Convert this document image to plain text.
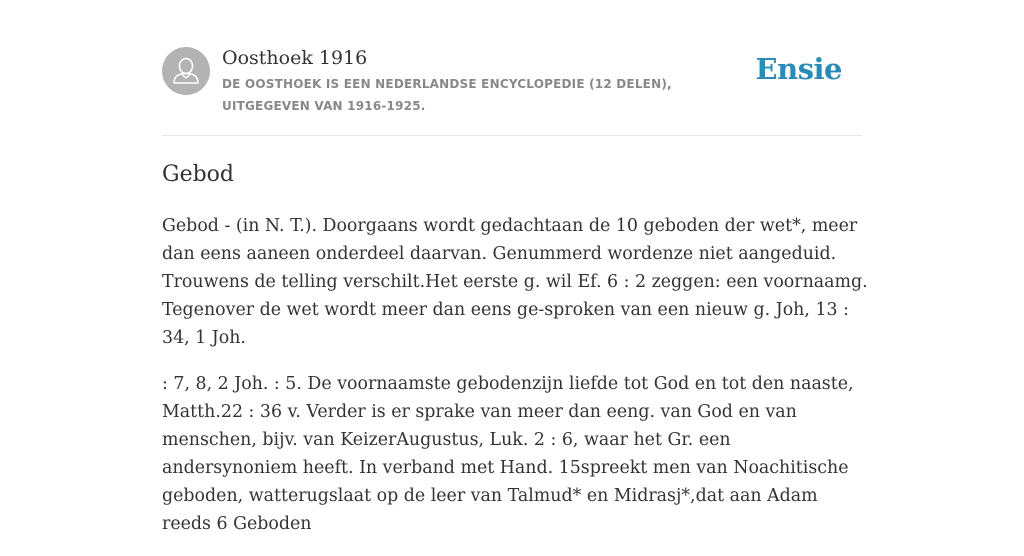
Oosthoek 1916
DE OOSTHOEK IS EEN NEDERLANDSE ENCYCLOPEDIE (12 DELEN), UITGEGEVEN VAN 1916-1925.
Ensie
Gebod

Gebod - (in N. T.). Doorgaans wordt gedachtaan de 10 geboden der wet*, meer dan eens aaneen onderdeel daarvan. Genummerd wordenze niet aangeduid. Trouwens de telling verschilt.Het eerste g. wil Ef. 6 : 2 zeggen: een voornaamg. Tegenover de wet wordt meer dan eens ge-sproken van een nieuw g. Joh, 13 : 34, 1 Joh.

: 7, 8, 2 Joh. : 5. De voornaamste gebodenzijn liefde tot God en tot den naaste, Matth.22 : 36 v. Verder is er sprake van meer dan eeng. van God en van menschen, bijv. van KeizerAugustus, Luk. 2 : 6, waar het Gr. een andersynoniem heeft. In verband met Hand. 15spreekt men van Noachitische geboden, watterugslaat op de leer van Talmud* en Midrasj*,dat aan Adam reeds 6 Geboden
